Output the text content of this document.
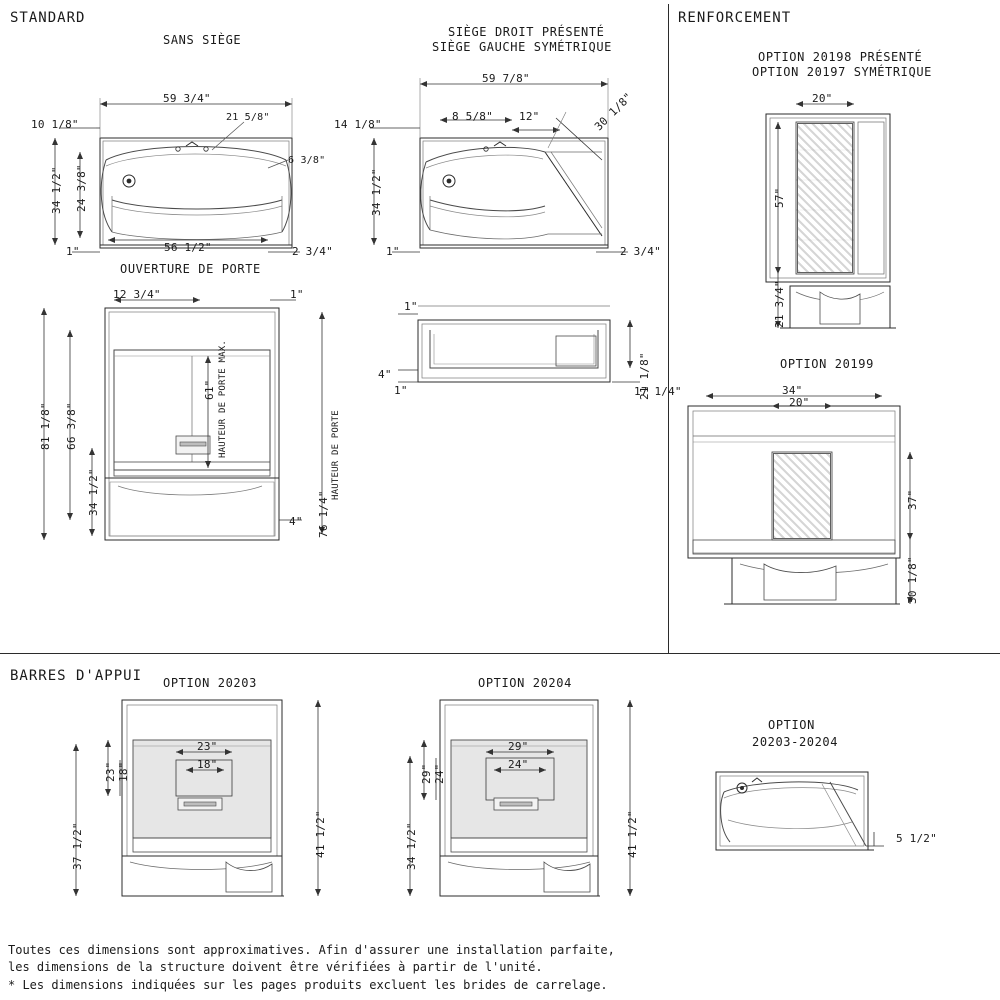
STANDARD	RENFORCEMENT
BARRES D'APPUI
SANS SIÈGE
SIÈGE DROIT PRÉSENTÉ
SIÈGE GAUCHE SYMÉTRIQUE
OUVERTURE DE PORTE
OPTION 20198 PRÉSENTÉ
OPTION 20197 SYMÉTRIQUE
OPTION 20199
OPTION 20203	OPTION 20204
OPTION
20203-20204
59 3/4"
10 1/8"
21 5/8"
6 3/8"
34 1/2" 24 3/8"
56 1/2"
1"	2 3/4"
59 7/8"
14 1/8"
8 5/8" 12"	30 1/8"
34 1/2"
1"	2 3/4"
12 3/4"	1"
81 1/8" 66 3/8"
34 1/2"
61" HAUTEUR DE PORTE MAX.
76 1/4"
HAUTEUR DE PORTE
4"
1"
4"
1"	21 1/8"
17 1/4"
20"
57"
21 3/4"
34"
20"
37"
30 1/8"
23"
18"
23" 18"
37 1/2"	41 1/2"
29"
24"
29" 24"
34 1/2"	41 1/2"	5 1/2"
Toutes ces dimensions sont approximatives. Afin d'assurer une installation parfaite,
les dimensions de la structure doivent être vérifiées à partir de l'unité.
* Les dimensions indiquées sur les pages produits excluent les brides de carrelage.
